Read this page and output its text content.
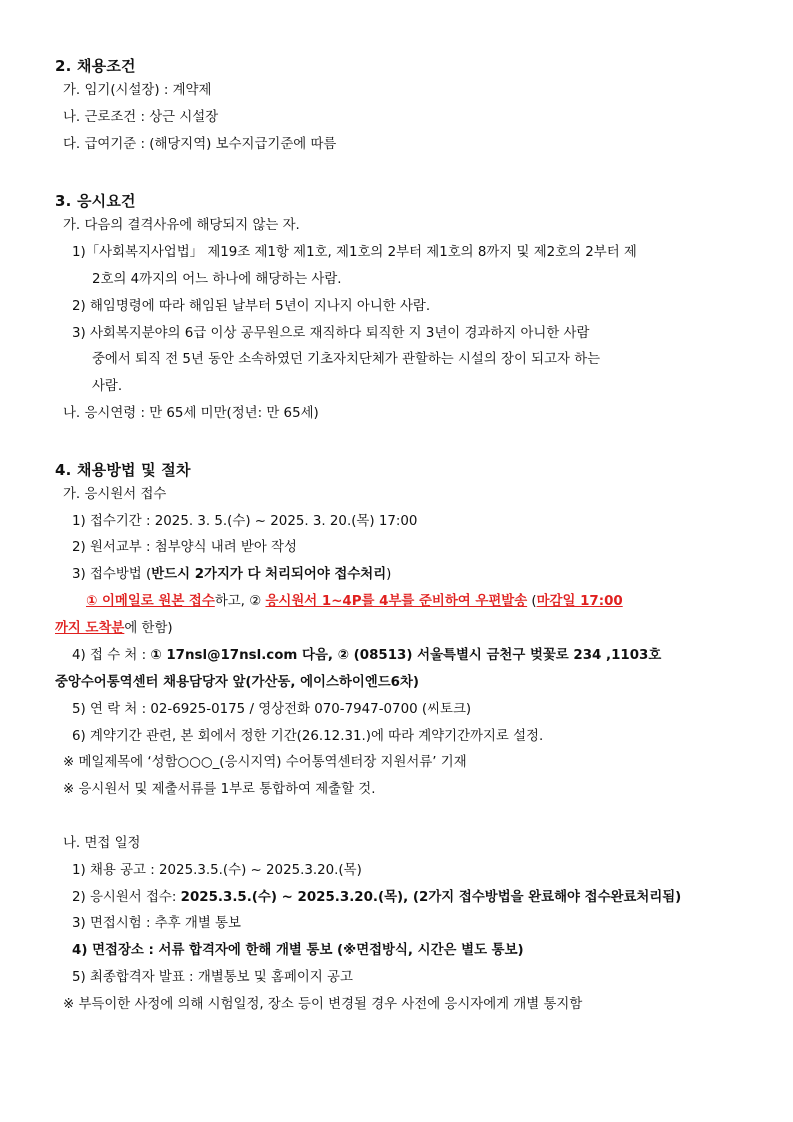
2. 채용조건
가. 임기(시설장) : 계약제
나. 근로조건 : 상근 시설장
다. 급여기준 : (해당지역) 보수지급기준에 따름
3. 응시요건
가. 다음의 결격사유에 해당되지 않는 자.
1)「사회복지사업법」 제19조 제1항 제1호, 제1호의 2부터 제1호의 8까지 및 제2호의 2부터 제
2호의 4까지의 어느 하나에 해당하는 사람.
2) 해임명령에 따라 해임된 날부터 5년이 지나지 아니한 사람.
3) 사회복지분야의 6급 이상 공무원으로 재직하다 퇴직한 지 3년이 경과하지 아니한 사람
중에서 퇴직 전 5년 동안 소속하였던 기초자치단체가 관할하는 시설의 장이 되고자 하는
사람.
나. 응시연령 : 만 65세 미만(정년: 만 65세)
4. 채용방법 및 절차
가. 응시원서 접수
1) 접수기간 : 2025. 3. 5.(수) ~ 2025. 3. 20.(목) 17:00
2) 원서교부 : 첨부양식 내려 받아 작성
3) 접수방법 (반드시 2가지가 다 처리되어야 접수처리)
① 이메일로 원본 접수하고, ② 응시원서 1~4P를 4부를 준비하여 우편발송 (마감일 17:00
까지 도착분에 한함)
4) 접 수 처 : ① 17nsl@17nsl.com 다음, ② (08513) 서울특별시 금천구 벚꽃로 234 ,1103호
중앙수어통역센터 채용담당자 앞(가산동, 에이스하이엔드6차)
5) 연 락 처 : 02-6925-0175 / 영상전화 070-7947-0700 (씨토크)
6) 계약기간 관련, 본 회에서 정한 기간(26.12.31.)에 따라 계약기간까지로 설정.
※ 메일제목에 ‘성함○○○_(응시지역) 수어통역센터장 지원서류’ 기재
※ 응시원서 및 제출서류를 1부로 통합하여 제출할 것.
나. 면접 일정
1) 채용 공고 : 2025.3.5.(수) ~ 2025.3.20.(목)
2) 응시원서 접수: 2025.3.5.(수) ~ 2025.3.20.(목), (2가지 접수방법을 완료해야 접수완료처리됨)
3) 면접시험 : 추후 개별 통보
4) 면접장소 : 서류 합격자에 한해 개별 통보 (※면접방식, 시간은 별도 통보)
5) 최종합격자 발표 : 개별통보 및 홈페이지 공고
※ 부득이한 사정에 의해 시험일정, 장소 등이 변경될 경우 사전에 응시자에게 개별 통지함
